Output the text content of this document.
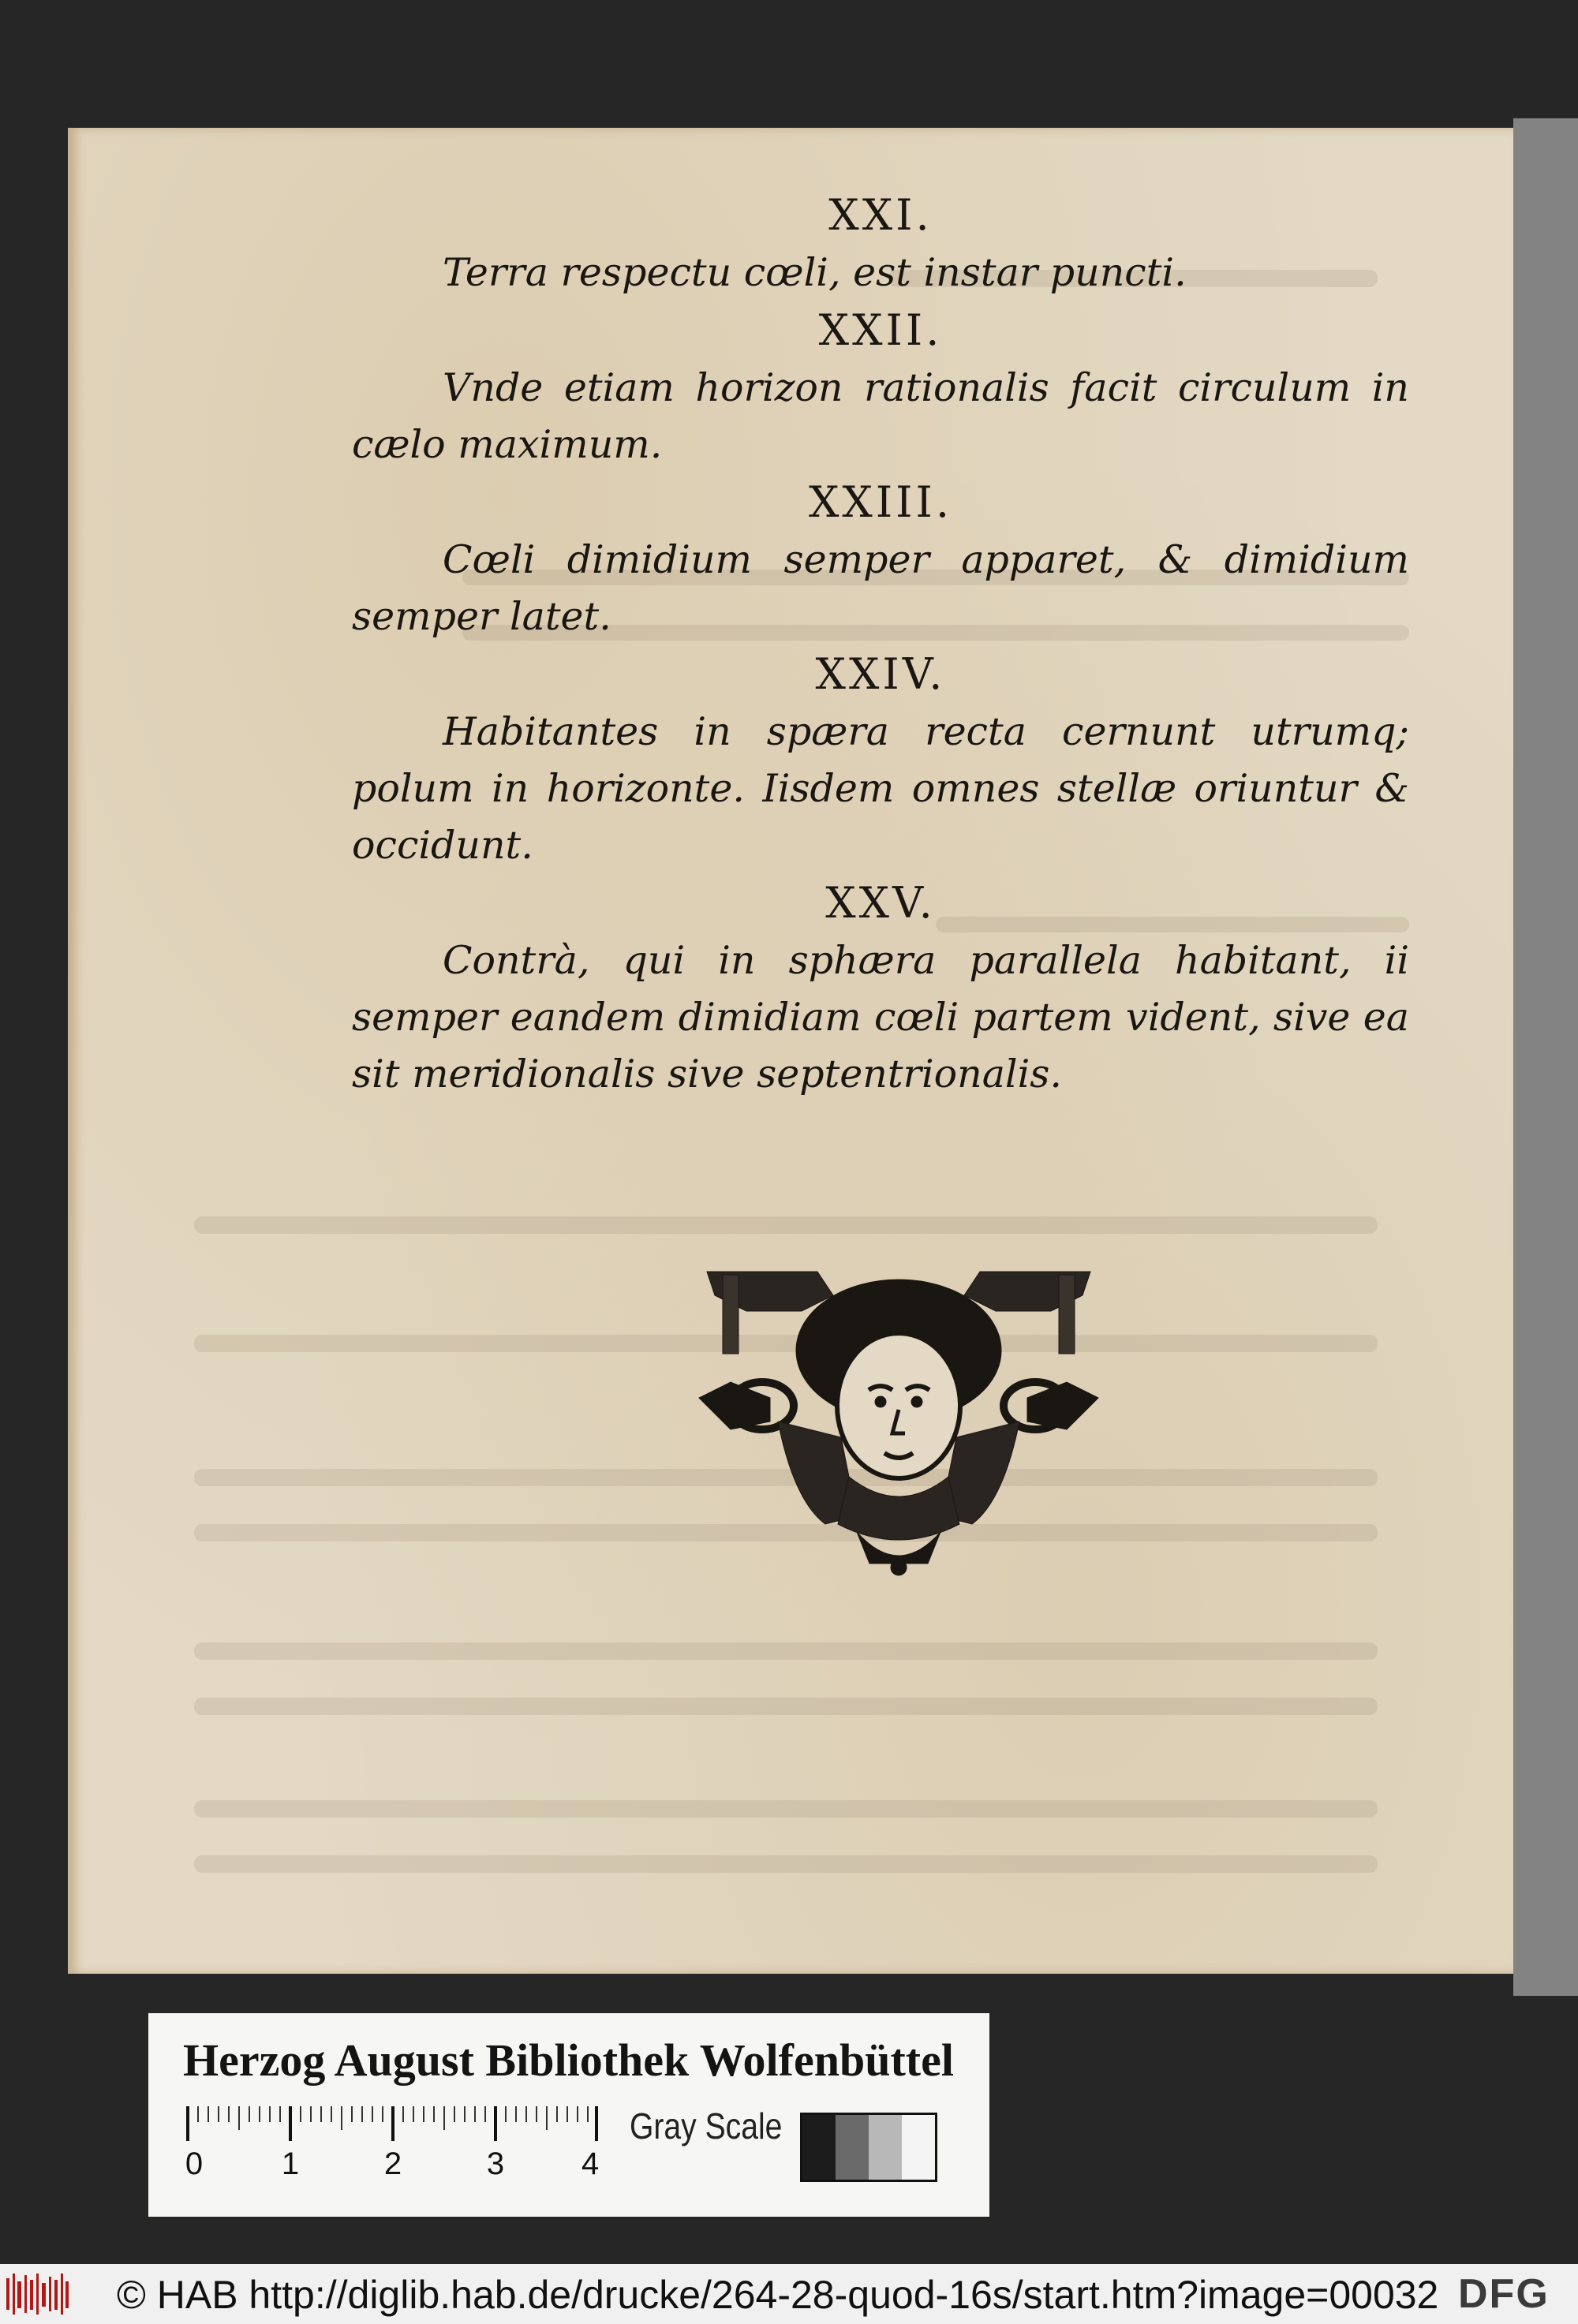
XXI.
Terra respectu cœli, est instar puncti.
XXII.
Vnde etiam horizon rationalis facit circulum in cælo maximum.
XXIII.
Cœli dimidium semper apparet, & dimidium semper latet.
XXIV.
Habitantes in spæra recta cernunt utrumq; polum in horizonte. Iisdem omnes stellæ oriuntur & occidunt.
XXV.
Contrà, qui in sphæra parallela habitant, ii semper eandem dimidiam cœli partem vident, sive ea sit meridionalis sive septentrionalis.
Herzog August Bibliothek Wolfenbüttel
0 1	2	3 4
Gray Scale
© HAB http://diglib.hab.de/drucke/264-28-quod-16s/start.htm?image=00032 DFG
